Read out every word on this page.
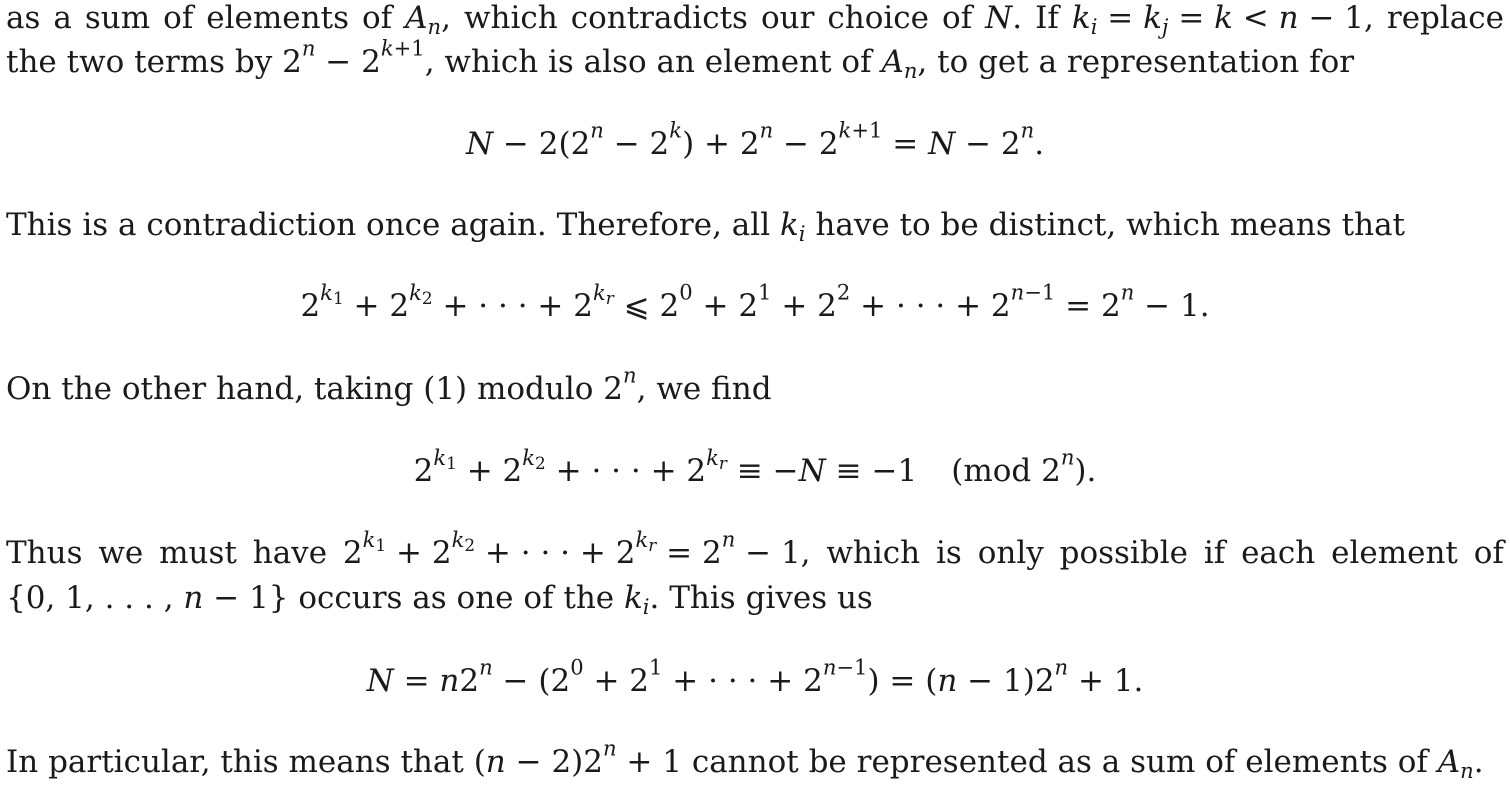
as a sum of elements of $A_n$, which contradicts our choice of N. If $k_i = k_j = k < n - 1$, replace
the two terms by $2^n - 2^{k+1}$, which is also an element of $A_n$, to get a representation for
$N - 2(2^n - 2^k) + 2^n - 2^{k+1} = N - 2^n$.
This is a contradiction once again. Therefore, all $k_i$ have to be distinct, which means that
$2^{k_1} + 2^{k_2}$ + · · · + $2^{k_r}$ ⩽ $2^0 + 2^1 + 2^2$ + · · · + $2^{n-1} = 2^n - 1$.
On the other hand, taking (1) modulo 2$^n$, we find
$2^{k_1} + 2^{k_2}$ + · · · + $2^{k_r} \equiv -N \equiv -1$ (mod 2$^n$).
Thus we must have $2^{k_1} + 2^{k_2}$ + · · · + $2^{k_r} = 2^n - 1$, which is only possible if each element of
{0, 1, . . . , n − 1} occurs as one of the $k_i$. This gives us
$N = n2^n - (2^0 + 2^1$ + · · · + $2^{n-1}) = (n - 1)2^n + 1$.
In particular, this means that $(n - 2)2^n + 1$ cannot be represented as a sum of elements of $A_n$.
